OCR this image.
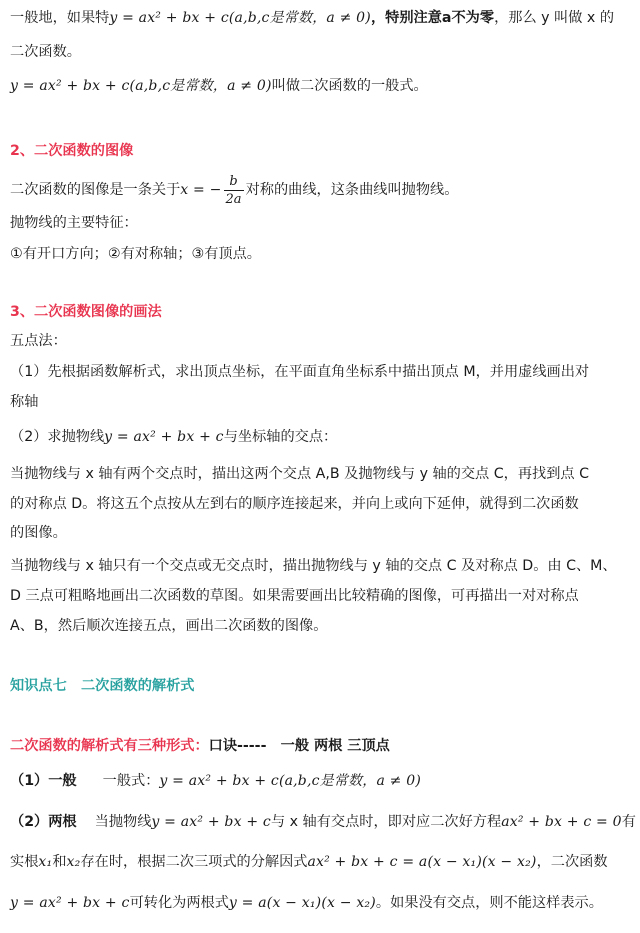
一般地，如果特y = ax² + bx + c(a,b,c是常数，a ≠ 0)，特别注意a不为零，那么 y 叫做 x 的
二次函数。
y = ax² + bx + c(a,b,c是常数，a ≠ 0)叫做二次函数的一般式。
2、二次函数的图像
二次函数的图像是一条关于x = − $\frac{b}{2a}$ 对称的曲线，这条曲线叫抛物线。
抛物线的主要特征：
①有开口方向；②有对称轴；③有顶点。
3、二次函数图像的画法
五点法：
（1）先根据函数解析式，求出顶点坐标，在平面直角坐标系中描出顶点 M，并用虚线画出对
称轴
（2）求抛物线y = ax² + bx + c与坐标轴的交点：
当抛物线与 x 轴有两个交点时，描出这两个交点 A,B 及抛物线与 y 轴的交点 C，再找到点 C
的对称点 D。将这五个点按从左到右的顺序连接起来，并向上或向下延伸，就得到二次函数
的图像。
当抛物线与 x 轴只有一个交点或无交点时，描出抛物线与 y 轴的交点 C 及对称点 D。由 C、M、
D 三点可粗略地画出二次函数的草图。如果需要画出比较精确的图像，可再描出一对对称点
A、B，然后顺次连接五点，画出二次函数的图像。
知识点七　二次函数的解析式
二次函数的解析式有三种形式：口诀-----　一般 两根 三顶点
（1）一般 一般式：y = ax² + bx + c(a,b,c是常数，a ≠ 0)
（2）两根 当抛物线y = ax² + bx + c与 x 轴有交点时，即对应二次好方程ax² + bx + c = 0有
实根x₁和x₂存在时，根据二次三项式的分解因式ax² + bx + c = a(x − x₁)(x − x₂)，二次函数
y = ax² + bx + c可转化为两根式y = a(x − x₁)(x − x₂)。如果没有交点，则不能这样表示。
